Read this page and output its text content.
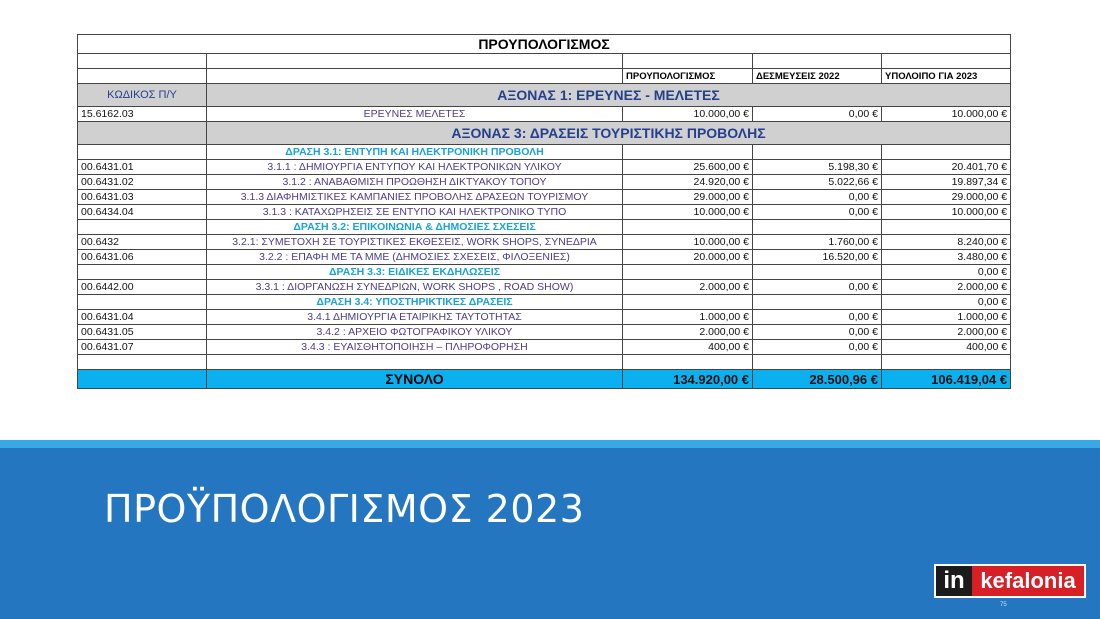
ΠΡΟΥΠΟΛΟΓΙΣΜΟΣ				

		ΠΡΟΥΠΟΛΟΓΙΣΜΟΣ	ΔΕΣΜΕΥΣΕΙΣ 2022	ΥΠΟΛΟΙΠΟ ΓΙΑ 2023
ΚΩΔΙΚΟΣ Π/Υ	ΑΞΟΝΑΣ 1: ΕΡΕΥΝΕΣ - ΜΕΛΕΤΕΣ			
15.6162.03	ΕΡΕΥΝΕΣ ΜΕΛΕΤΕΣ	10.000,00 €	0,00 €	10.000,00 €
	ΑΞΟΝΑΣ 3: ΔΡΑΣΕΙΣ ΤΟΥΡΙΣΤΙΚΗΣ ΠΡΟΒΟΛΗΣ			
	ΔΡΑΣΗ 3.1: ΕΝΤΥΠΗ ΚΑΙ ΗΛΕΚΤΡΟΝΙΚΗ ΠΡΟΒΟΛΗ			
00.6431.01	3.1.1 : ΔΗΜΙΟΥΡΓΙΑ ΕΝΤΥΠΟΥ ΚΑΙ ΗΛΕΚΤΡΟΝΙΚΩΝ ΥΛΙΚΟΥ	25.600,00 €	5.198,30 €	20.401,70 €
00.6431.02	3.1.2 : ΑΝΑΒΑΘΜΙΣΗ ΠΡΟΩΘΗΣΗ ΔΙΚΤΥΑΚΟΥ ΤΟΠΟΥ	24.920,00 €	5.022,66 €	19.897,34 €
00.6431.03	3.1.3 ΔΙΑΦΗΜΙΣΤΙΚΕΣ ΚΑΜΠΑΝΙΕΣ ΠΡΟΒΟΛΗΣ ΔΡΑΣΕΩΝ ΤΟΥΡΙΣΜΟΥ	29.000,00 €	0,00 €	29.000,00 €
00.6434.04	3.1.3 : ΚΑΤΑΧΩΡΗΣΕΙΣ ΣΕ ΕΝΤΥΠΟ ΚΑΙ ΗΛΕΚΤΡΟΝΙΚΟ ΤΥΠΟ	10.000,00 €	0,00 €	10.000,00 €
	ΔΡΑΣΗ 3.2: ΕΠΙΚΟΙΝΩΝΙΑ & ΔΗΜΟΣΙΕΣ ΣΧΕΣΕΙΣ			
00.6432	3.2.1: ΣΥΜΕΤΟΧΗ ΣΕ ΤΟΥΡΙΣΤΙΚΕΣ ΕΚΘΕΣΕΙΣ, WORK SHOPS, ΣΥΝΕΔΡΙΑ	10.000,00 €	1.760,00 €	8.240,00 €
00.6431.06	3.2.2 : ΕΠΑΦΗ ΜΕ ΤΑ ΜΜΕ (ΔΗΜΟΣΙΕΣ ΣΧΕΣΕΙΣ, ΦΙΛΟΞΕΝΙΕΣ)	20.000,00 €	16.520,00 €	3.480,00 €
	ΔΡΑΣΗ 3.3: ΕΙΔΙΚΕΣ ΕΚΔΗΛΩΣΕΙΣ			0,00 €
00.6442.00	3.3.1 : ΔΙΟΡΓΑΝΩΣΗ ΣΥΝΕΔΡΙΩΝ, WORK SHOPS , ROAD SHOW)	2.000,00 €	0,00 €	2.000,00 €
	ΔΡΑΣΗ 3.4: ΥΠΟΣΤΗΡΙΚΤΙΚΕΣ ΔΡΑΣΕΙΣ			0,00 €
00.6431.04	3.4.1 ΔΗΜΙΟΥΡΓΙΑ ΕΤΑΙΡΙΚΗΣ ΤΑΥΤΟΤΗΤΑΣ	1.000,00 €	0,00 €	1.000,00 €
00.6431.05	3.4.2 : ΑΡΧΕΙΟ ΦΩΤΟΓΡΑΦΙΚΟΥ ΥΛΙΚΟΥ	2.000,00 €	0,00 €	2.000,00 €
00.6431.07	3.4.3 : ΕΥΑΙΣΘΗΤΟΠΟΙΗΣΗ – ΠΛΗΡΟΦΟΡΗΣΗ	400,00 €	0,00 €	400,00 €

	ΣΥΝΟΛΟ	134.920,00 €	28.500,96 €	106.419,04 €
ΠΡΟΫΠΟΛΟΓΙΣΜΟΣ 2023
in kefalonia
75
